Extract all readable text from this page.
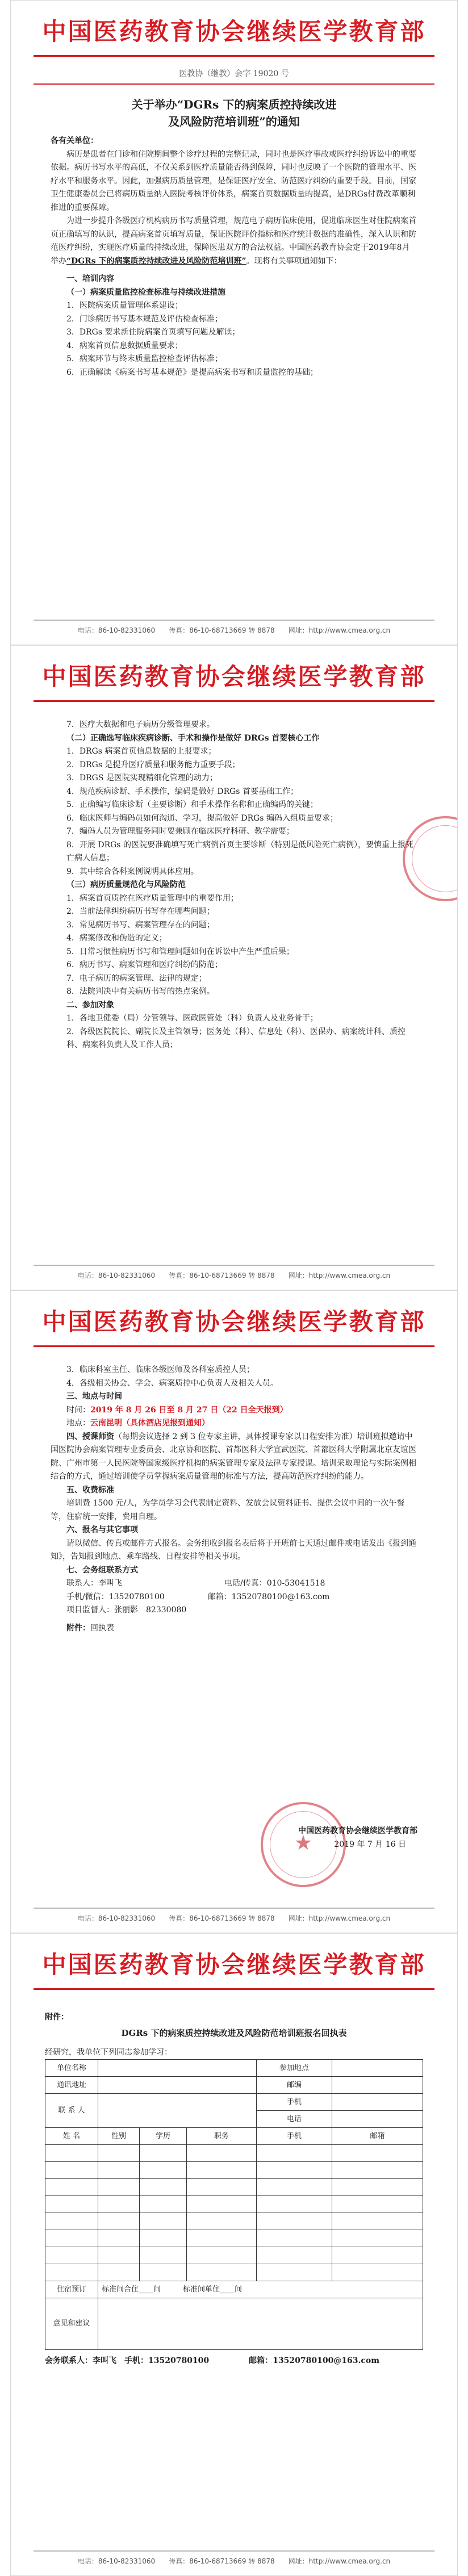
中国医药教育协会继续医学教育部
医教协（继教）会字 19020 号

关于举办“DGRs 下的病案质控持续改进

及风险防范培训班”的通知

各有关单位：

病历是患者在门诊和住院期间整个诊疗过程的完整记录，同时也是医疗事故或医疗纠纷诉讼中的重要依据。病历书写水平的高低，不仅关系到医疗质量能否得到保障，同时也反映了一个医院的管理水平、医疗水平和服务水平。因此，加强病历质量管理，是保证医疗安全、防范医疗纠纷的重要手段。目前，国家卫生健康委员会已将病历质量纳入医院考核评价体系，病案首页数据质量的提高，是DRGs付费改革顺利推进的重要保障。

为进一步提升各级医疗机构病历书写质量管理，规范电子病历临床使用，促进临床医生对住院病案首页正确填写的认识，提高病案首页填写质量，保证医院评价指标和医疗统计数据的准确性，深入认识和防范医疗纠纷，实现医疗质量的持续改进，保障医患双方的合法权益。中国医药教育协会定于2019年8月举办“DGRs 下的病案质控持续改进及风险防范培训班”。现将有关事项通知如下：

一、培训内容

（一）病案质量监控检查标准与持续改进措施

1．医院病案质量管理体系建设；

2．门诊病历书写基本规范及评估检查标准；

3．DRGs 要求新住院病案首页填写问题及解读；

4．病案首页信息数据质量要求；

5．病案环节与终末质量监控检查评估标准；

6．正确解读《病案书写基本规范》是提高病案书写和质量监控的基础；

电话：86-10-82331060　　 传真：86-10-68713669 转 8878　　 网址：http://www.cmea.org.cn
中国医药教育协会继续医学教育部

7．医疗大数据和电子病历分级管理要求。

（二）正确选写临床疾病诊断、手术和操作是做好 DRGs 首要核心工作

1．DRGs 病案首页信息数据的上报要求；

2．DRGs 是提升医疗质量和服务能力重要手段；

3．DRGS 是医院实现精细化管理的动力；

4．规范疾病诊断、手术操作，编码是做好 DRGs 首要基础工作；

5．正确编写临床诊断（主要诊断）和手术操作名称和正确编码的关键；

6．临床医师与编码员如何沟通、学习，提高做好 DRGs 编码入组质量要求；

7．编码人员为管理服务同时要兼顾在临床医疗科研、教学需要；

8．开展 DRGs 的医院要准确填写死亡病例首页主要诊断（特别是低风险死亡病例），要慎重上报死亡病人信息；

9．其中综合各科案例说明具体应用。

（三）病历质量规范化与风险防范

1．病案首页质控在医疗质量管理中的重要作用；

2．当前法律纠纷病历书写存在哪些问题；

3．常见病历书写、病案管理存在的问题；

4．病案修改和伪造的定义；

5．日常习惯性病历书写和管理问题如何在诉讼中产生严重后果；

6．病历书写、病案管理和医疗纠纷的防范；

7．电子病历的病案管理、法律的规定；

8．法院判决中有关病历书写的热点案例。

二、参加对象

1．各地卫健委（局）分管领导、医政医管处（科）负责人及业务骨干；

2．各级医院院长、副院长及主管领导；医务处（科）、信息处（科）、医保办、病案统计科、质控科、病案科负责人及工作人员；

电话：86-10-82331060　　 传真：86-10-68713669 转 8878　　 网址：http://www.cmea.org.cn
中国医药教育协会继续医学教育部

3．临床科室主任、临床各级医师及各科室质控人员；

4．各级相关协会、学会、病案质控中心负责人及相关人员。

三、地点与时间

时间：2019 年 8 月 26 日至 8 月 27 日（22 日全天报到）

地点：云南昆明（具体酒店见报到通知）

四、授课师资（每期会议选择 2 到 3 位专家主讲，具体授课专家以日程安排为准）培训班拟邀请中国医院协会病案管理专业委员会、北京协和医院、首都医科大学宣武医院、首都医科大学附属北京友谊医院、广州市第一人民医院等国家级医疗机构的病案管理专家及法律专家授课。培训采取理论与实际案例相结合的方式，通过培训使学员掌握病案质量管理的标准与方法，提高防范医疗纠纷的能力。

五、收费标准

培训费 1500 元/人，为学员学习会代表制定资料、发放会议资料证书、提供会议中间的一次午餐等，住宿统一安排，费用自理。

六、报名与其它事项

请以微信、传真或邮件方式报名。会务组收到报名表后将于开班前七天通过邮件或电话发出《报到通知》，告知报到地点、乘车路线、日程安排等相关事项。

七、会务组联系方式

联系人：李叫飞	电话/传真：010-53041518

手机/微信：13520780100	邮箱：13520780100@163.com

项目监督人：张丽影　 82330080

附件：回执表

★

中国医药教育协会继续医学教育部

2019 年 7 月 16 日

电话：86-10-82331060　　 传真：86-10-68713669 转 8878　　 网址：http://www.cmea.org.cn
中国医药教育协会继续医学教育部

附件：

DGRs 下的病案质控持续改进及风险防范培训班报名回执表

经研究，我单位下列同志参加学习：

单位名称				参加地点	
通讯地址				邮编	
联 系 人				手机	
				电话	
姓 名	性别	学历	职务	手机	邮箱

住宿预订	标准间合住____间　　　标准间单住____间				
意见和建议					

会务联系人：李叫飞　手机：13520780100　　　　　邮箱：13520780100@163.com

电话：86-10-82331060　　 传真：86-10-68713669 转 8878　　 网址：http://www.cmea.org.cn
